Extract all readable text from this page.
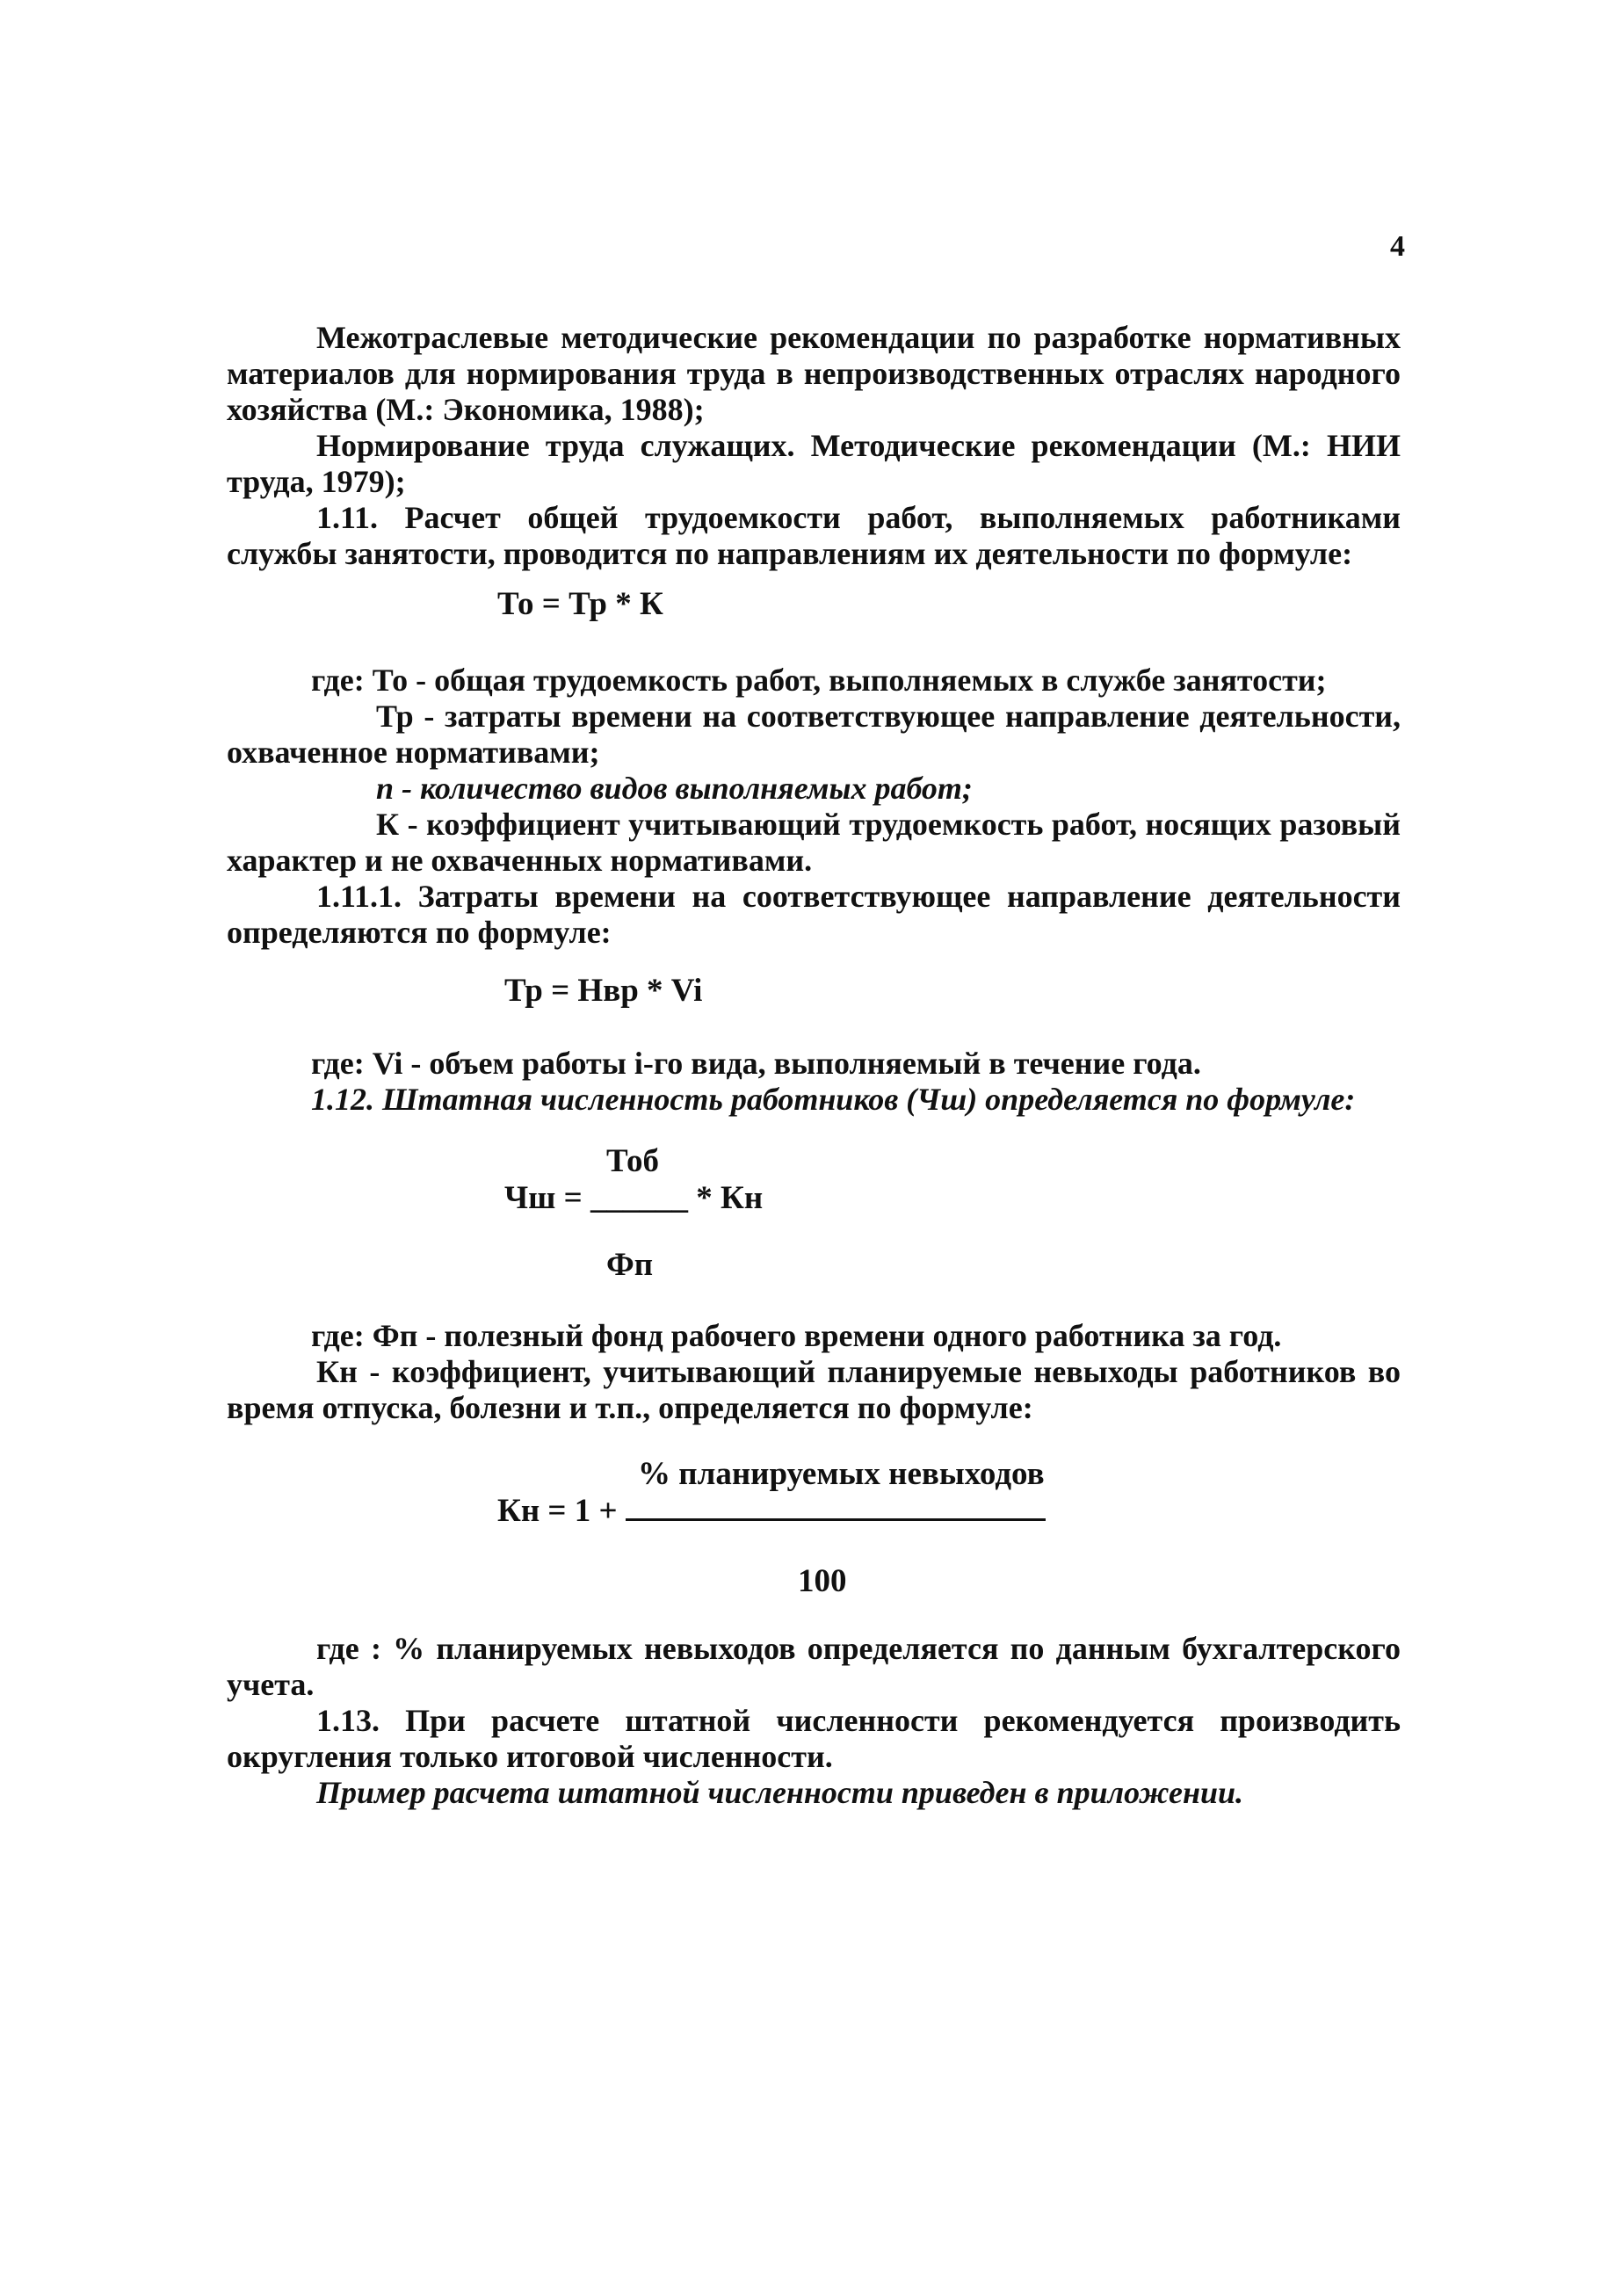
4

Межотраслевые методические рекомендации по разработке нормативных материалов для нормирования труда в непроизводственных отраслях народного хозяйства (М.: Экономика, 1988);

Нормирование труда служащих. Методические рекомендации (М.: НИИ труда, 1979);

1.11. Расчет общей трудоемкости работ, выполняемых работниками службы занятости, проводится по направлениям их деятельности по формуле:

То = Тр * К

где: То - общая трудоемкость работ, выполняемых в службе занятости;

Тр - затраты времени на соответствующее направление деятельности, охваченное нормативами;

n - количество видов выполняемых работ;

К - коэффициент учитывающий трудоемкость работ, носящих разовый характер и не охваченных нормативами.

1.11.1. Затраты времени на соответствующее направление деятельности определяются по формуле:

Тр = Нвр * Vi

где: Vi - объем работы i-го вида, выполняемый в течение года.

1.12. Штатная численность работников (Чш) определяется по формуле:

Тоб
Чш = ______ * Кн
Фп

где: Фп - полезный фонд рабочего времени одного работника за год.

Кн - коэффициент, учитывающий планируемые невыходы работников во время отпуска, болезни и т.п., определяется по формуле:

% планируемых невыходов
Кн = 1 +
100

где : % планируемых невыходов определяется по данным бухгалтерского учета.

1.13. При расчете штатной численности рекомендуется производить округления только итоговой численности.

Пример расчета штатной численности приведен в приложении.
